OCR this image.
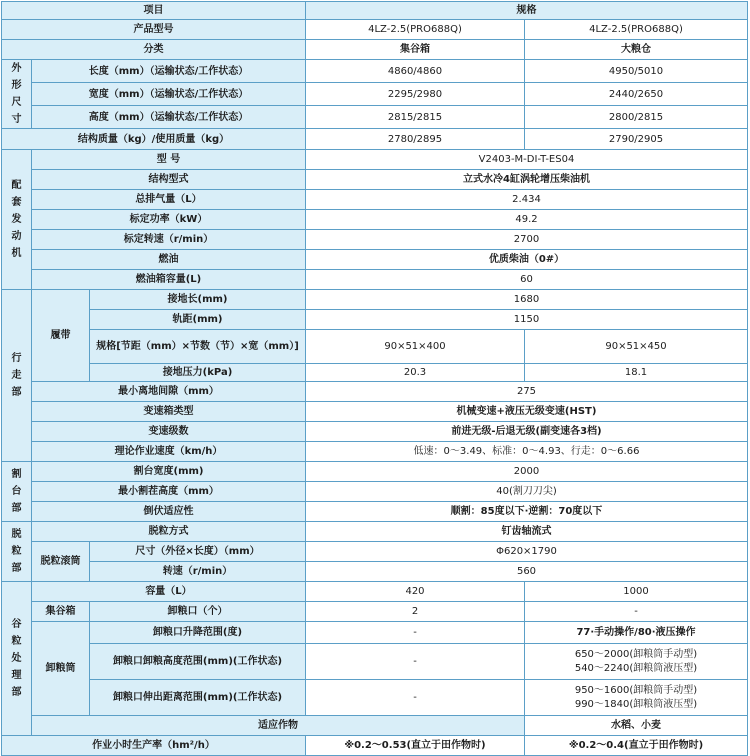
项目			规格	
产品型号			4LZ-2.5(PRO688Q)	4LZ-2.5(PRO688Q)
分类			集谷箱	大粮仓

外形尺寸	长度（mm）（运输状态/工作状态）		4860/4860	4950/5010
	宽度（mm）（运输状态/工作状态）		2295/2980	2440/2650
	高度（mm）（运输状态/工作状态）		2815/2815	2800/2815
结构质量（kg）/使用质量（kg）			2780/2895	2790/2905

配套发动机	型 号		V2403-M-DI-T-ES04	
	结构型式		立式水冷4缸涡轮增压柴油机	
	总排气量（L）		2.434	
	标定功率（kW）		49.2	
	标定转速（r/min）		2700	
	燃油		优质柴油（0#）	
	燃油箱容量(L)		60	

行走部	履带	接地长(mm)	1680	
		轨距(mm)	1150	
		规格[节距（mm）×节数（节）×宽（mm）]	90×51×400	90×51×450
		接地压力(kPa)	20.3	18.1
	最小离地间隙（mm）		275	
	变速箱类型		机械变速+液压无级变速(HST)	
	变速级数		前进无级-后退无级(副变速各3档)	
	理论作业速度（km/h）		低速：0～3.49、标准：0～4.93、行走：0～6.66	

割台部	割台宽度(mm)		2000	
	最小割茬高度（mm）		40(割刀刀尖)	
	倒伏适应性		顺割：85度以下·逆割：70度以下	

脱粒部	脱粒方式		钉齿轴流式	
	脱粒滚筒	尺寸（外径×长度）（mm）	Φ620×1790	
		转速（r/min）	560	

谷粒处理部	容量（L）		420	1000
	集谷箱	卸粮口（个）	2	-
	卸粮筒	卸粮口升降范围(度)	-	77·手动操作/80·液压操作
		卸粮口卸粮高度范围(mm)(工作状态)	-	650～2000(卸粮筒手动型)
540～2240(卸粮筒液压型)

		卸粮口伸出距离范围(mm)(工作状态)	-	950～1600(卸粮筒手动型)
990～1840(卸粮筒液压型)

	适应作物			水稻、小麦
作业小时生产率（hm²/h）			※0.2～0.53(直立于田作物时)	※0.2～0.4(直立于田作物时)
